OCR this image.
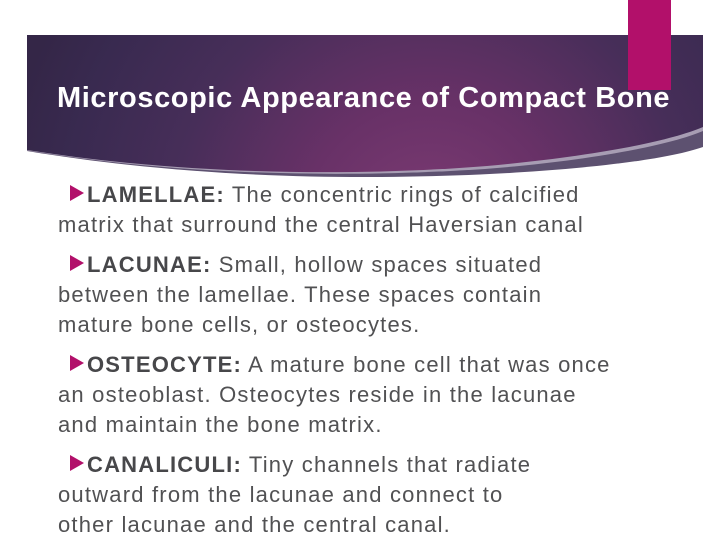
Microscopic Appearance of Compact Bone
LAMELLAE: The concentric rings of calcified
matrix that surround the central Haversian canal
LACUNAE: Small, hollow spaces situated
between the lamellae. These spaces contain
mature bone cells, or osteocytes.
OSTEOCYTE: A mature bone cell that was once
an osteoblast. Osteocytes reside in the lacunae
and maintain the bone matrix.
CANALICULI: Tiny channels that radiate
outward from the lacunae and connect to
other lacunae and the central canal.
